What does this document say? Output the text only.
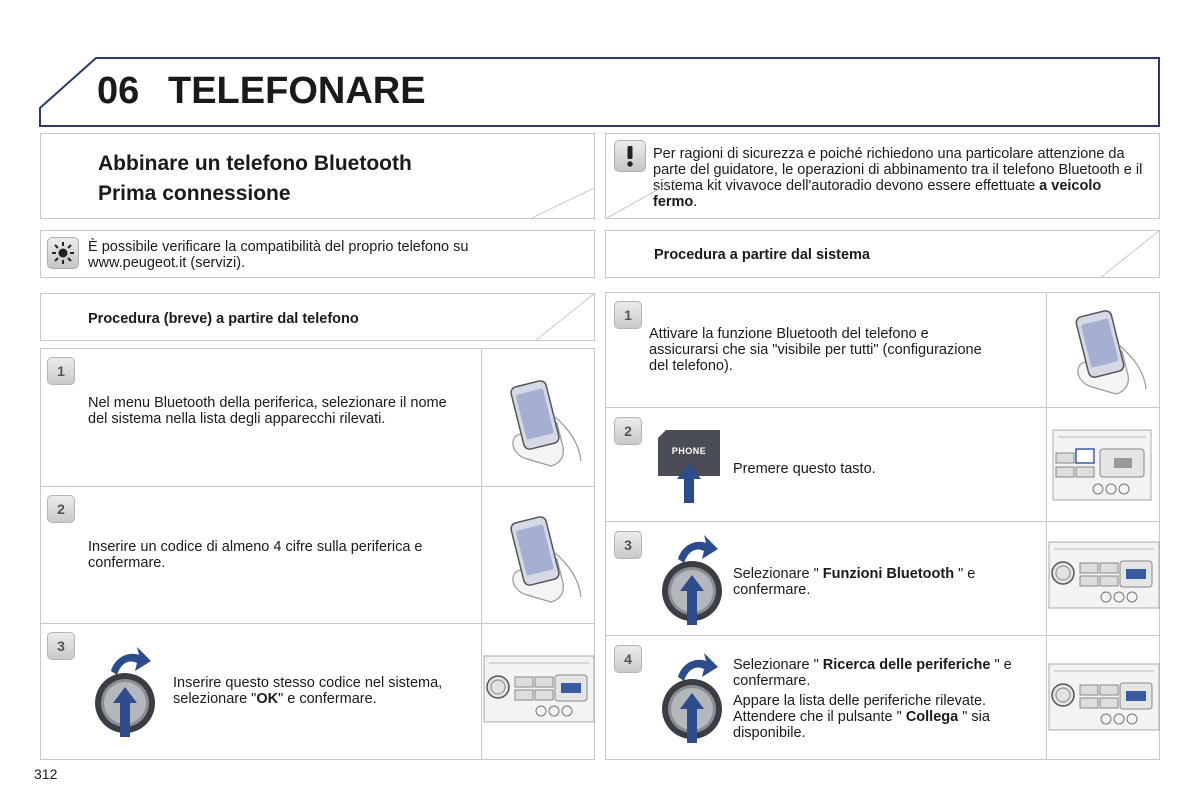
06 TELEFONARE
Abbinare un telefono Bluetooth
Prima connessione
Per ragioni di sicurezza e poiché richiedono una particolare attenzione da parte del guidatore, le operazioni di abbinamento tra il telefono Bluetooth e il sistema kit vivavoce dell'autoradio devono essere effettuate a veicolo fermo.
È possibile verificare la compatibilità del proprio telefono su www.peugeot.it (servizi).	Procedura a partire dal sistema
Procedura (breve) a partire dal telefono
1
Nel menu Bluetooth della periferica, selezionare il nome del sistema nella lista degli apparecchi rilevati.
2
Inserire un codice di almeno 4 cifre sulla periferica e confermare.
3
Inserire questo stesso codice nel sistema, selezionare "OK" e confermare.
1
Attivare la funzione Bluetooth del telefono e assicurarsi che sia "visibile per tutti" (configurazione del telefono).
2
PHONE
Premere questo tasto.
3
Selezionare " Funzioni Bluetooth " e confermare.
4	Selezionare " Ricerca delle periferiche " e confermare.
Appare la lista delle periferiche rilevate. Attendere che il pulsante " Collega " sia disponibile.
312
